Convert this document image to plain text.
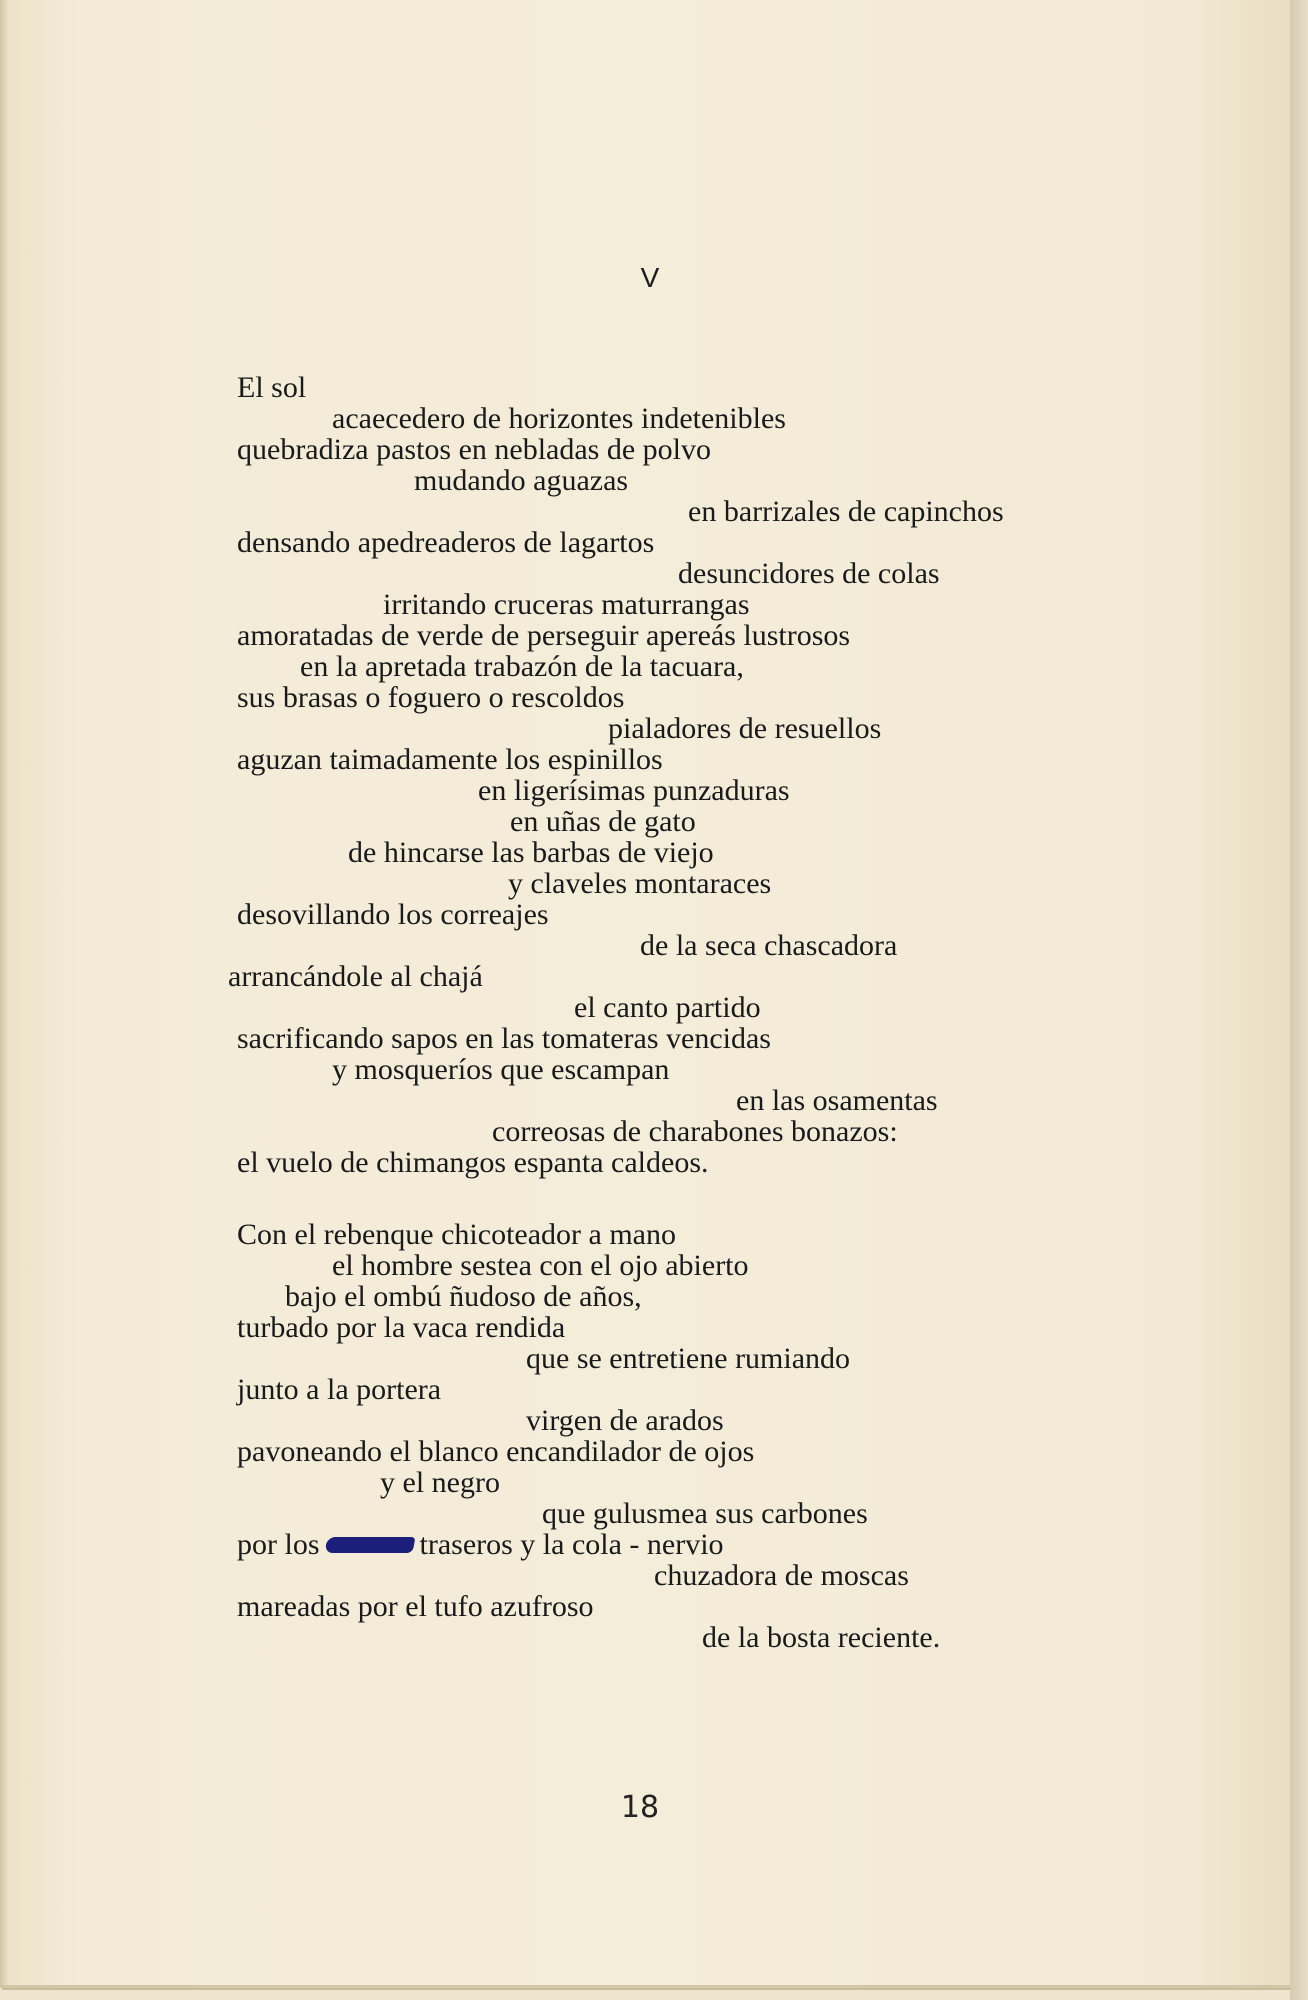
V
El sol
acaecedero de horizontes indetenibles
quebradiza pastos en nebladas de polvo
mudando aguazas
en barrizales de capinchos
densando apedreaderos de lagartos
desuncidores de colas
irritando cruceras maturrangas
amoratadas de verde de perseguir apereás lustrosos
en la apretada trabazón de la tacuara,
sus brasas o foguero o rescoldos
pialadores de resuellos
aguzan taimadamente los espinillos
en ligerísimas punzaduras
en uñas de gato
de hincarse las barbas de viejo
y claveles montaraces
desovillando los correajes
de la seca chascadora
arrancándole al chajá
el canto partido
sacrificando sapos en las tomateras vencidas
y mosqueríos que escampan
en las osamentas
correosas de charabones bonazos:
el vuelo de chimangos espanta caldeos.
Con el rebenque chicoteador a mano
el hombre sestea con el ojo abierto
bajo el ombú ñudoso de años,
turbado por la vaca rendida
que se entretiene rumiando
junto a la portera
virgen de arados
pavoneando el blanco encandilador de ojos
y el negro
que gulusmea sus carbones
por los	traseros y la cola - nervio
chuzadora de moscas
mareadas por el tufo azufroso
de la bosta reciente.
18
